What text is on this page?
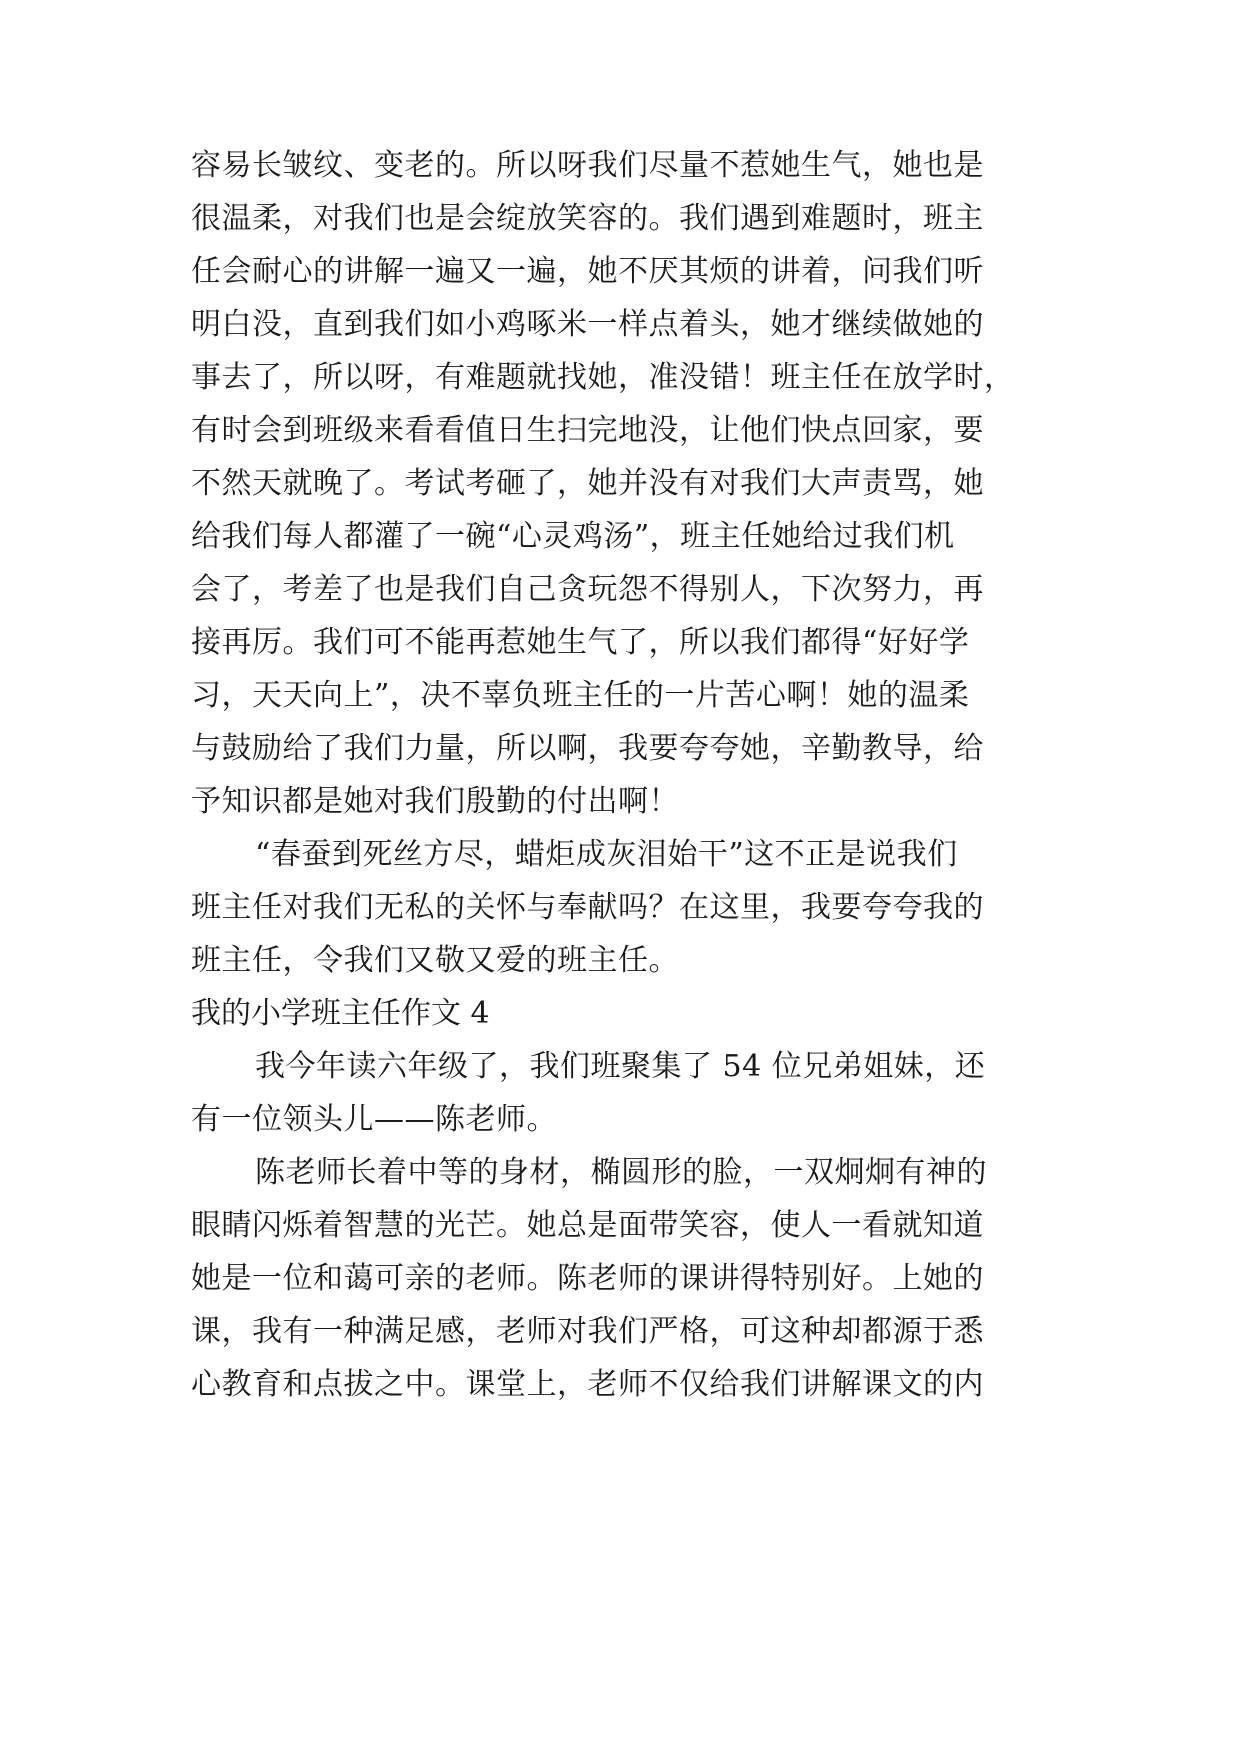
容易长皱纹、变老的。所以呀我们尽量不惹她生气，她也是
很温柔，对我们也是会绽放笑容的。我们遇到难题时，班主
任会耐心的讲解一遍又一遍，她不厌其烦的讲着，问我们听
明白没，直到我们如小鸡啄米一样点着头，她才继续做她的
事去了，所以呀，有难题就找她，准没错！班主任在放学时，
有时会到班级来看看值日生扫完地没，让他们快点回家，要
不然天就晚了。考试考砸了，她并没有对我们大声责骂，她
给我们每人都灌了一碗“心灵鸡汤”，班主任她给过我们机
会了，考差了也是我们自己贪玩怨不得别人，下次努力，再
接再厉。我们可不能再惹她生气了，所以我们都得“好好学
习，天天向上”，决不辜负班主任的一片苦心啊！她的温柔
与鼓励给了我们力量，所以啊，我要夸夸她，辛勤教导，给
予知识都是她对我们殷勤的付出啊！
“春蚕到死丝方尽，蜡炬成灰泪始干”这不正是说我们
班主任对我们无私的关怀与奉献吗？在这里，我要夸夸我的
班主任，令我们又敬又爱的班主任。
我的小学班主任作文 4
我今年读六年级了，我们班聚集了 54 位兄弟姐妹，还
有一位领头儿——陈老师。
陈老师长着中等的身材，椭圆形的脸，一双炯炯有神的
眼睛闪烁着智慧的光芒。她总是面带笑容，使人一看就知道
她是一位和蔼可亲的老师。陈老师的课讲得特别好。上她的
课，我有一种满足感，老师对我们严格，可这种却都源于悉
心教育和点拔之中。课堂上，老师不仅给我们讲解课文的内
